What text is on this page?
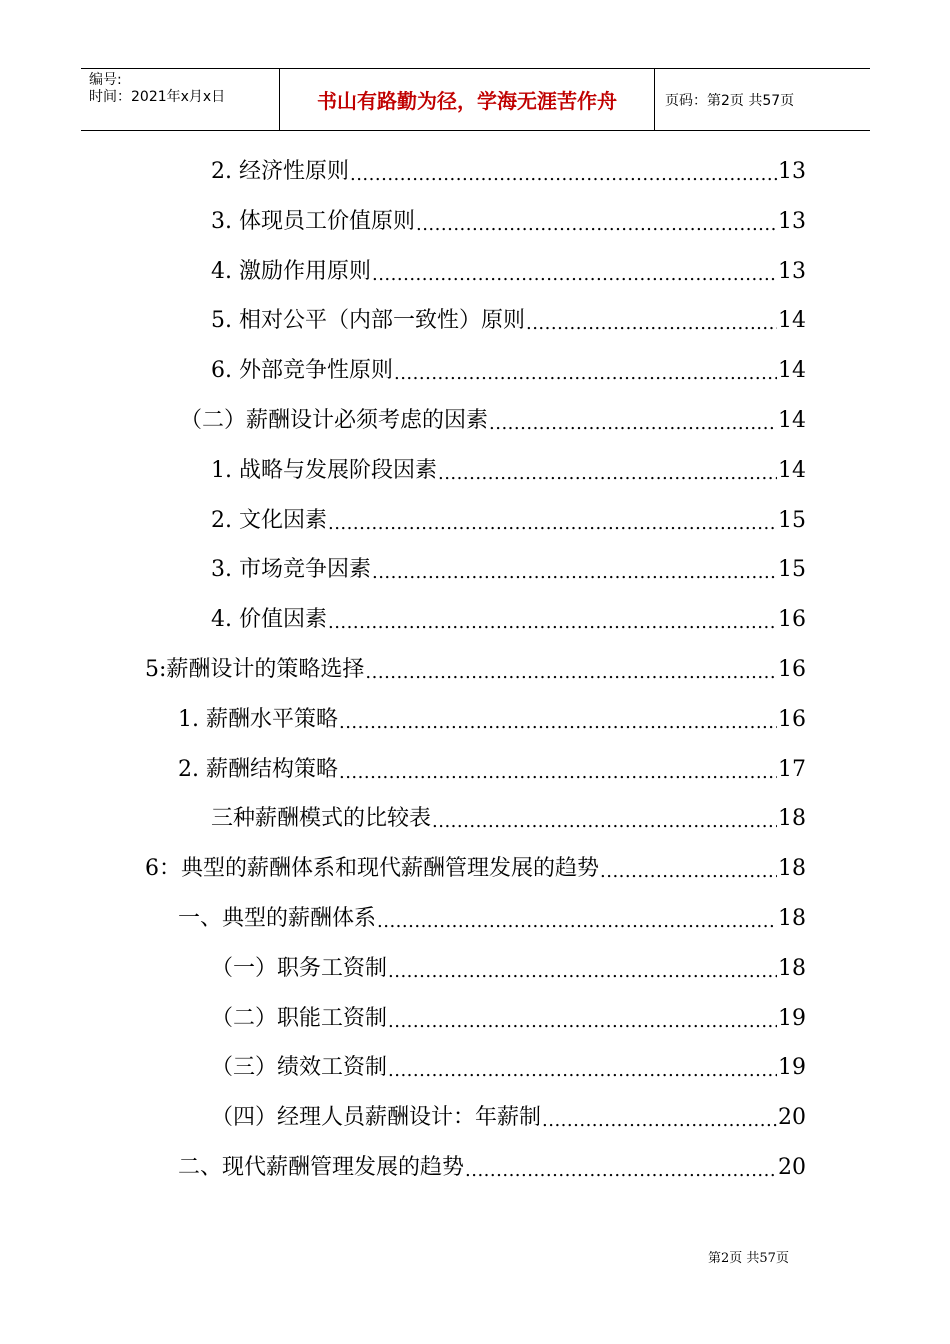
编号:
时间：2021年x月x日	书山有路勤为径，学海无涯苦作舟	页码：第2页 共57页
2. 经济性原则 .....	13
3. 体现员工价值原则 .....	13
4. 激励作用原则 .....	13
5. 相对公平（内部一致性）原则 .....	14
6. 外部竞争性原则 .....	14
（二）薪酬设计必须考虑的因素 .....	14
1. 战略与发展阶段因素 .....	14
2. 文化因素 .....	15
3. 市场竞争因素 .....	15
4. 价值因素 .....	16
5:薪酬设计的策略选择 .....	16
1. 薪酬水平策略 .....	16
2. 薪酬结构策略 .....	17
三种薪酬模式的比较表 .....	18
6：典型的薪酬体系和现代薪酬管理发展的趋势 .....	18
一、典型的薪酬体系 .....	18
（一）职务工资制 .....	18
（二）职能工资制 .....	19
（三）绩效工资制 .....	19
（四）经理人员薪酬设计：年薪制 .....	20
二、现代薪酬管理发展的趋势 .....	20
第2页 共57页
